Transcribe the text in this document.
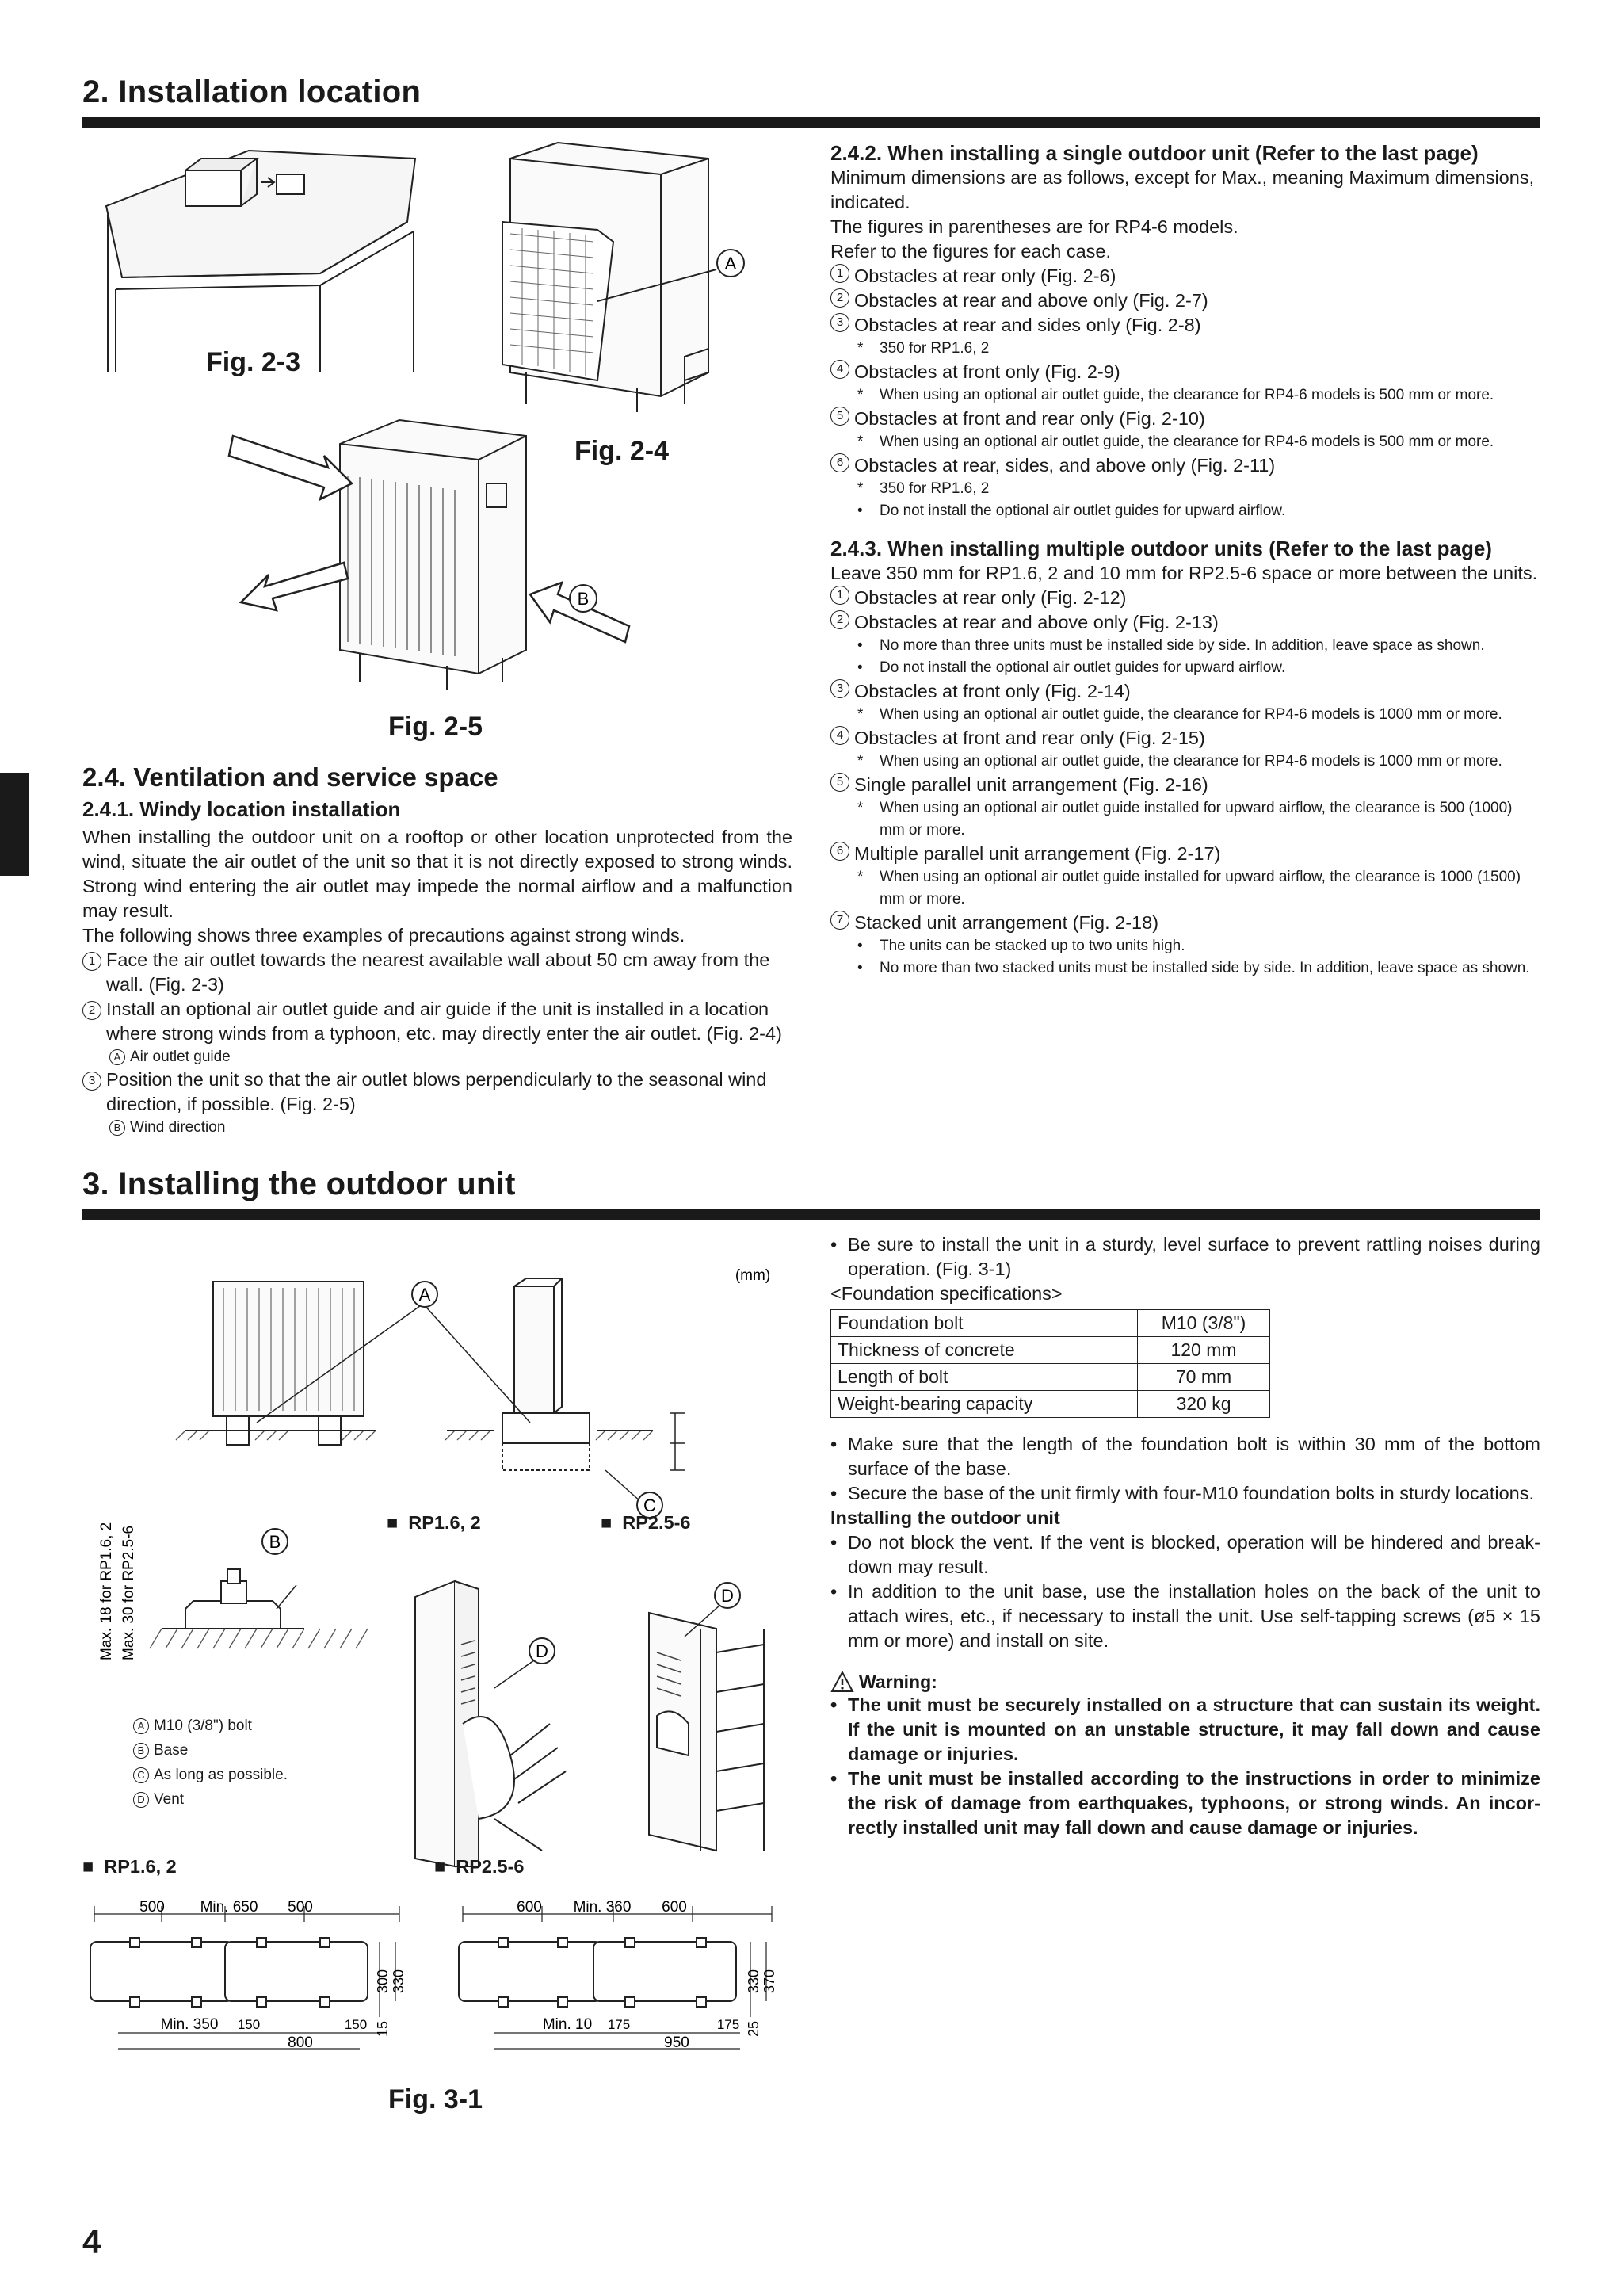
2. Installation location
A
B
Fig. 2-3
Fig. 2-4
Fig. 2-5
2.4. Ventilation and service space
2.4.1. Windy location installation
When installing the outdoor unit on a rooftop or other location unprotected from the wind, situate the air outlet of the unit so that it is not directly exposed to strong winds. Strong wind entering the air outlet may impede the normal airflow and a malfunction may result.
The following shows three examples of precautions against strong winds.
1 Face the air outlet towards the nearest available wall about 50 cm away from the wall. (Fig. 2-3)
2 Install an optional air outlet guide and air guide if the unit is installed in a location where strong winds from a typhoon, etc. may directly enter the air outlet. (Fig. 2-4)
A Air outlet guide
3 Position the unit so that the air outlet blows perpendicularly to the seasonal wind direction, if possible. (Fig. 2-5)
B Wind direction
2.4.2. When installing a single outdoor unit (Refer to the last page)
Minimum dimensions are as follows, except for Max., meaning Maximum dimensions, indicated.
The figures in parentheses are for RP4-6 models.
Refer to the figures for each case.
1 Obstacles at rear only (Fig. 2-6)
2 Obstacles at rear and above only (Fig. 2-7)
3 Obstacles at rear and sides only (Fig. 2-8)
*	350 for RP1.6, 2
4 Obstacles at front only (Fig. 2-9)
*	When using an optional air outlet guide, the clearance for RP4-6 models is 500 mm or more.
5 Obstacles at front and rear only (Fig. 2-10)
*	When using an optional air outlet guide, the clearance for RP4-6 models is 500 mm or more.
6 Obstacles at rear, sides, and above only (Fig. 2-11)
*	350 for RP1.6, 2
•	Do not install the optional air outlet guides for upward airflow.
2.4.3. When installing multiple outdoor units (Refer to the last page)
Leave 350 mm for RP1.6, 2 and 10 mm for RP2.5-6 space or more between the units.
1 Obstacles at rear only (Fig. 2-12)
2 Obstacles at rear and above only (Fig. 2-13)
•	No more than three units must be installed side by side. In addition, leave space as shown.
•	Do not install the optional air outlet guides for upward airflow.
3 Obstacles at front only (Fig. 2-14)
*	When using an optional air outlet guide, the clearance for RP4-6 models is 1000 mm or more.
4 Obstacles at front and rear only (Fig. 2-15)
*	When using an optional air outlet guide, the clearance for RP4-6 models is 1000 mm or more.
5 Single parallel unit arrangement (Fig. 2-16)
*	When using an optional air outlet guide installed for upward airflow, the clearance is 500 (1000) mm or more.
6 Multiple parallel unit arrangement (Fig. 2-17)
*	When using an optional air outlet guide installed for upward airflow, the clearance is 1000 (1500) mm or more.
7 Stacked unit arrangement (Fig. 2-18)
•	The units can be stacked up to two units high.
•	No more than two stacked units must be installed side by side. In addition, leave space as shown.
3. Installing the outdoor unit
A
C
(mm)
B
Max. 18 for RP1.6, 2 Max. 30 for RP2.5-6	D
D
500 Min. 650 500
300 330
15
Min. 350 150	150
800
600 Min. 360 600
330 370
25
Min. 10 175	175
950
■  RP1.6, 2	■  RP2.5-6
A M10 (3/8") bolt
B Base
C As long as possible.
D Vent
■  RP1.6, 2	■  RP2.5-6
Fig. 3-1
• Be sure to install the unit in a sturdy, level surface to prevent rattling noises during operation. (Fig. 3-1)
<Foundation specifications>
Foundation bolt	M10 (3/8")
Thickness of concrete	120 mm
Length of bolt	70 mm
Weight-bearing capacity	320 kg
• Make sure that the length of the foundation bolt is within 30 mm of the bottom surface of the base.
• Secure the base of the unit firmly with four-M10 foundation bolts in sturdy locations.
Installing the outdoor unit
• Do not block the vent. If the vent is blocked, operation will be hindered and break-down may result.
• In addition to the unit base, use the installation holes on the back of the unit to attach wires, etc., if necessary to install the unit. Use self-tapping screws (ø5 × 15 mm or more) and install on site.
Warning:
• The unit must be securely installed on a structure that can sustain its weight. If the unit is mounted on an unstable structure, it may fall down and cause damage or injuries.
• The unit must be installed according to the instructions in order to minimize the risk of damage from earthquakes, typhoons, or strong winds. An incor-rectly installed unit may fall down and cause damage or injuries.
4
